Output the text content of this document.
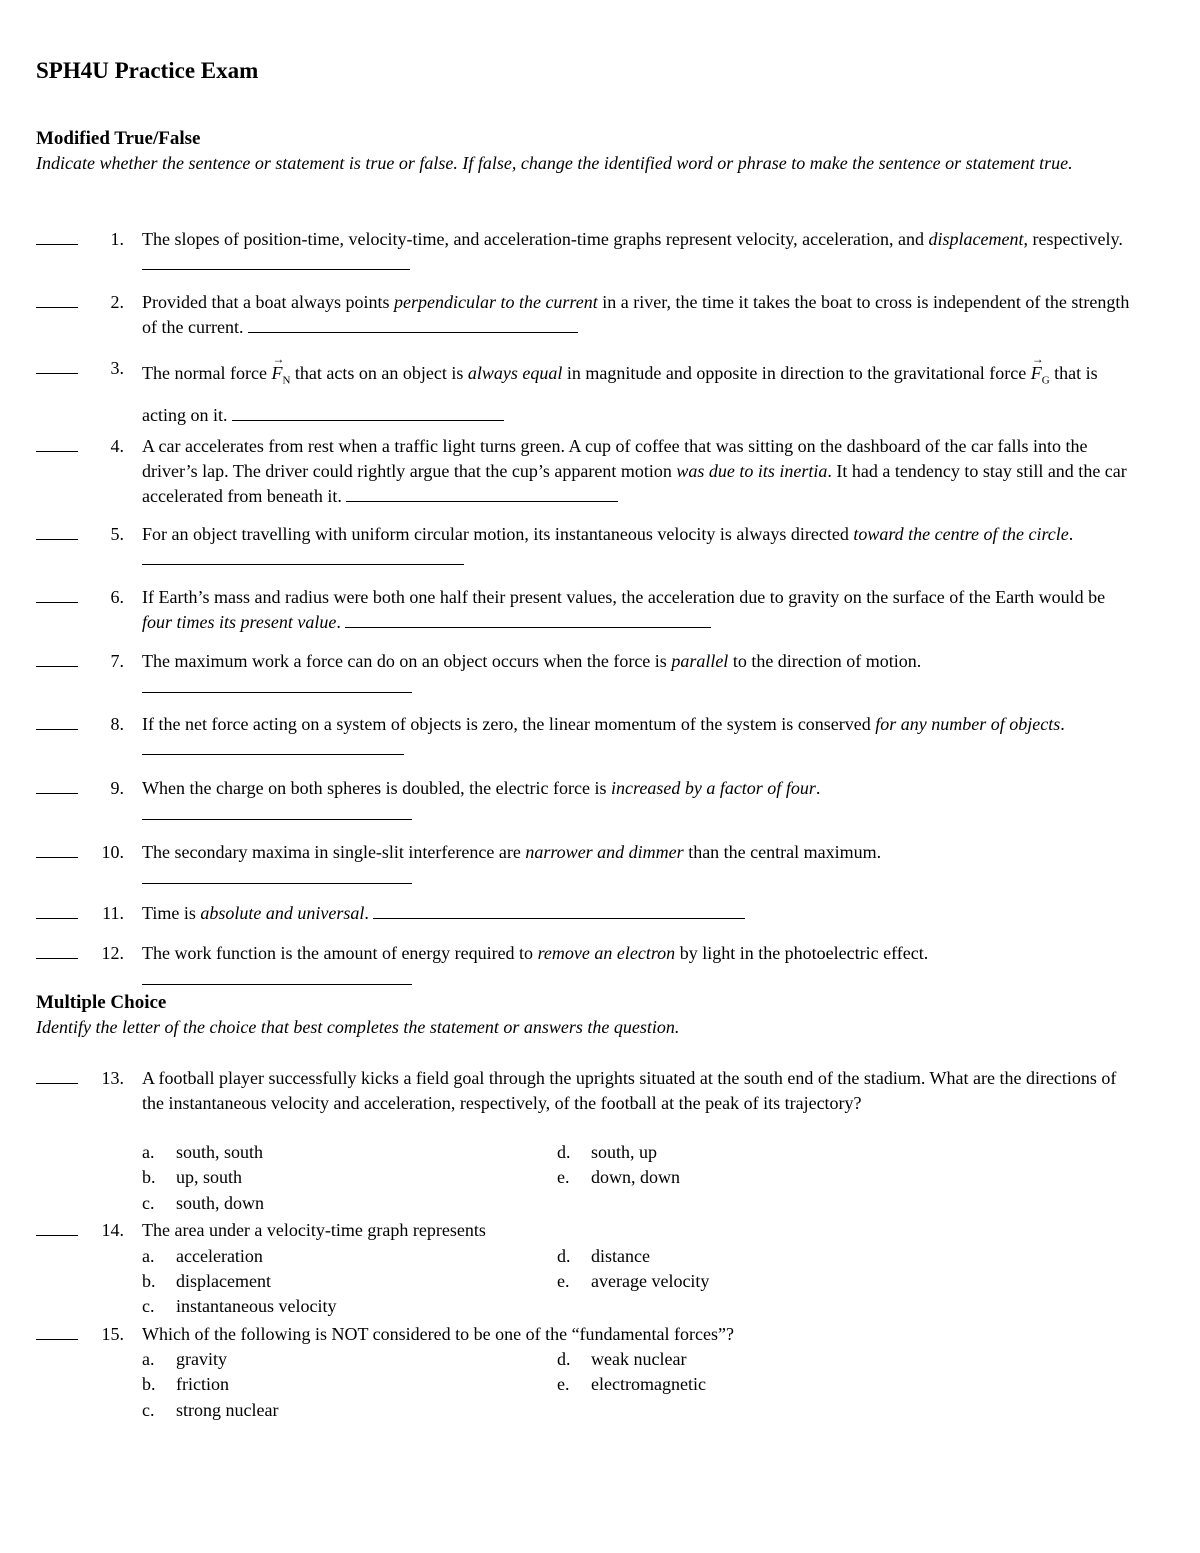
SPH4U Practice Exam
Modified True/False
Indicate whether the sentence or statement is true or false. If false, change the identified word or phrase to make the sentence or statement true.
1. The slopes of position-time, velocity-time, and acceleration-time graphs represent velocity, acceleration, and displacement, respectively.
2. Provided that a boat always points perpendicular to the current in a river, the time it takes the boat to cross is independent of the strength of the current.
3. The normal force → $F_N$ that acts on an object is always equal in magnitude and opposite in direction to the gravitational force → $F_G$ that is acting on it.
4. A car accelerates from rest when a traffic light turns green. A cup of coffee that was sitting on the dashboard of the car falls into the driver’s lap. The driver could rightly argue that the cup’s apparent motion was due to its inertia. It had a tendency to stay still and the car accelerated from beneath it.
5. For an object travelling with uniform circular motion, its instantaneous velocity is always directed toward the centre of the circle.
6. If Earth’s mass and radius were both one half their present values, the acceleration due to gravity on the surface of the Earth would be four times its present value.
7. The maximum work a force can do on an object occurs when the force is parallel to the direction of motion.
8. If the net force acting on a system of objects is zero, the linear momentum of the system is conserved for any number of objects.
9. When the charge on both spheres is doubled, the electric force is increased by a factor of four.
10. The secondary maxima in single-slit interference are narrower and dimmer than the central maximum.
11. Time is absolute and universal.
12. The work function is the amount of energy required to remove an electron by light in the photoelectric effect.
Multiple Choice
Identify the letter of the choice that best completes the statement or answers the question.
13. A football player successfully kicks a field goal through the uprights situated at the south end of the stadium. What are the directions of the instantaneous velocity and acceleration, respectively, of the football at the peak of its trajectory?
a. south, south
b. up, south
c. south, down
d. south, up
e. down, down
14. The area under a velocity-time graph represents
a. acceleration
b. displacement
c. instantaneous velocity
d. distance
e. average velocity
15. Which of the following is NOT considered to be one of the “fundamental forces”?
a. gravity
b. friction
c. strong nuclear
d. weak nuclear
e. electromagnetic
